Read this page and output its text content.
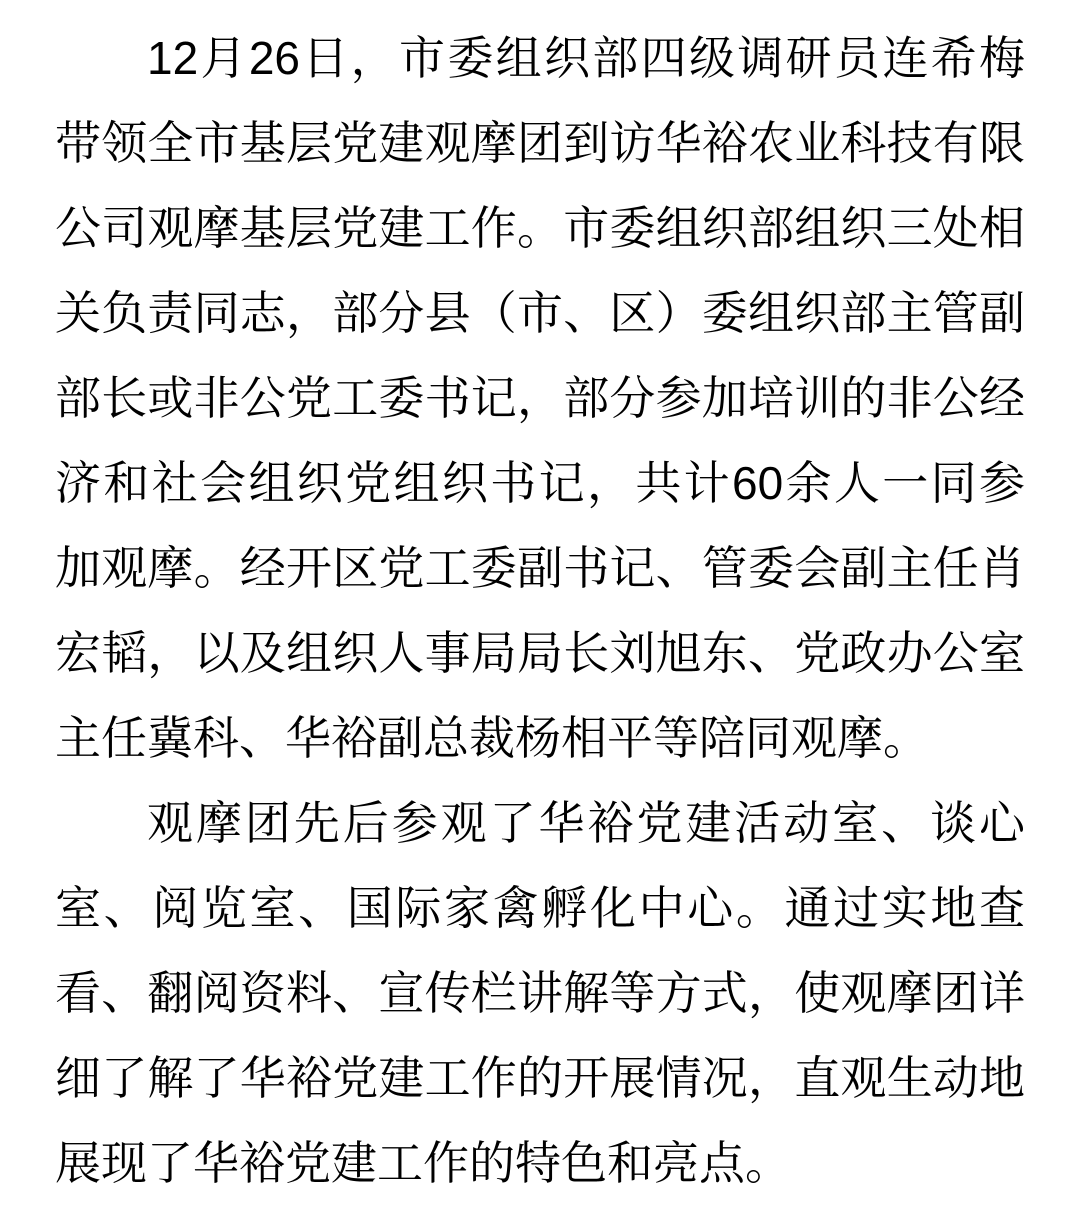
12月26日，市委组织部四级调研员连希梅带领全市基层党建观摩团到访华裕农业科技有限公司观摩基层党建工作。市委组织部组织三处相关负责同志，部分县（市、区）委组织部主管副部长或非公党工委书记，部分参加培训的非公经济和社会组织党组织书记，共计60余人一同参加观摩。经开区党工委副书记、管委会副主任肖宏韬，以及组织人事局局长刘旭东、党政办公室主任冀科、华裕副总裁杨相平等陪同观摩。

观摩团先后参观了华裕党建活动室、谈心室、阅览室、国际家禽孵化中心。通过实地查看、翻阅资料、宣传栏讲解等方式，使观摩团详细了解了华裕党建工作的开展情况，直观生动地展现了华裕党建工作的特色和亮点。
